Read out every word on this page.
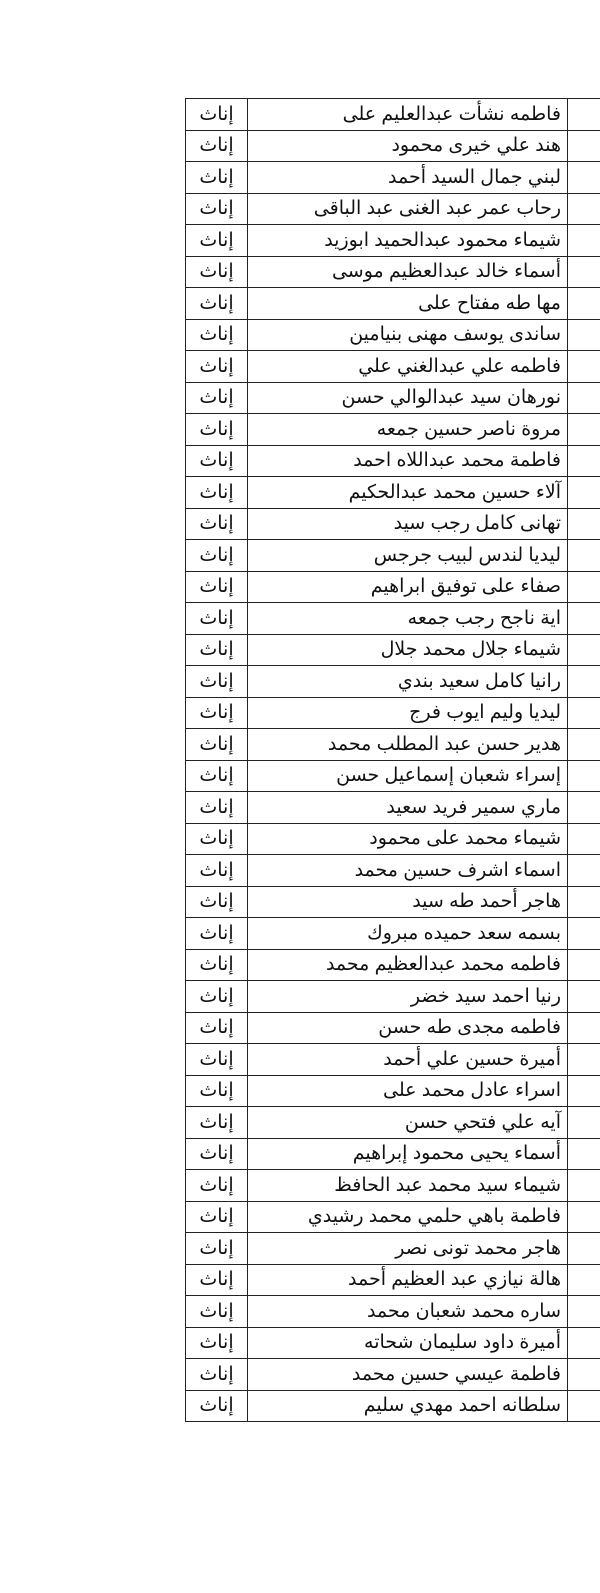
إناث	فاطمه نشأت عبدالعليم على	
إناث	هند علي خيرى محمود	
إناث	لبني جمال السيد أحمد	
إناث	رحاب عمر عبد الغنى عبد الباقى	
إناث	شيماء محمود عبدالحميد ابوزيد	
إناث	أسماء خالد عبدالعظيم موسى	
إناث	مها طه مفتاح على	
إناث	ساندى يوسف مهنى بنيامين	
إناث	فاطمه علي عبدالغني علي	
إناث	نورهان سيد عبدالوالي حسن	
إناث	مروة ناصر حسين جمعه	
إناث	فاطمة محمد عبداللاه احمد	
إناث	آلاء حسين محمد عبدالحكيم	
إناث	تهانى كامل رجب سيد	
إناث	ليديا لندس لبيب جرجس	
إناث	صفاء على توفيق ابراهيم	
إناث	اية ناجح رجب جمعه	
إناث	شيماء جلال محمد جلال	
إناث	رانيا كامل سعيد بندي	
إناث	ليديا وليم ايوب فرج	
إناث	هدير حسن عبد المطلب محمد	
إناث	إسراء شعبان إسماعيل حسن	
إناث	ماري سمير فريد سعيد	
إناث	شيماء محمد على محمود	
إناث	اسماء اشرف حسين محمد	
إناث	هاجر أحمد طه سيد	
إناث	بسمه سعد حميده مبروك	
إناث	فاطمه محمد عبدالعظيم محمد	
إناث	رنيا احمد سيد خضر	
إناث	فاطمه مجدى طه حسن	
إناث	أميرة حسين علي أحمد	
إناث	اسراء عادل محمد على	
إناث	آيه علي فتحي حسن	
إناث	أسماء يحيى محمود إبراهيم	
إناث	شيماء سيد محمد عبد الحافظ	
إناث	فاطمة باهي حلمي محمد رشيدي	
إناث	هاجر محمد تونى نصر	
إناث	هالة نيازي عبد العظيم أحمد	
إناث	ساره محمد شعبان محمد	
إناث	أميرة داود سليمان شحاته	
إناث	فاطمة عيسي حسين محمد	
إناث	سلطانه احمد مهدي سليم	
